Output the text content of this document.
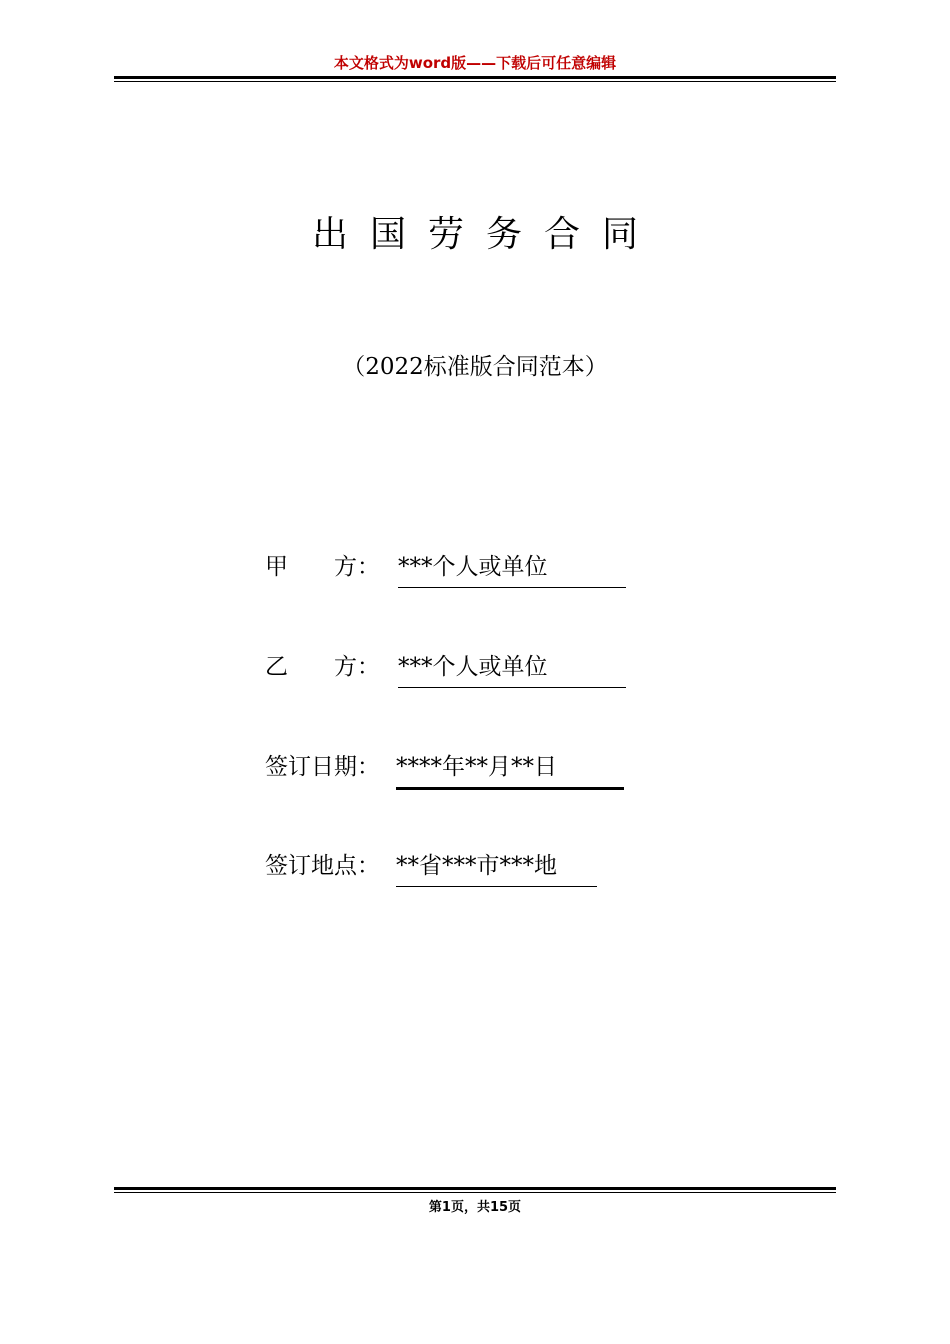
本文格式为word版——下载后可任意编辑
出国劳务合同
（2022标准版合同范本）
甲　　方： ***个人或单位
乙　　方： ***个人或单位
签订日期： ****年**月**日
签订地点： **省***市***地
第1页，共15页
